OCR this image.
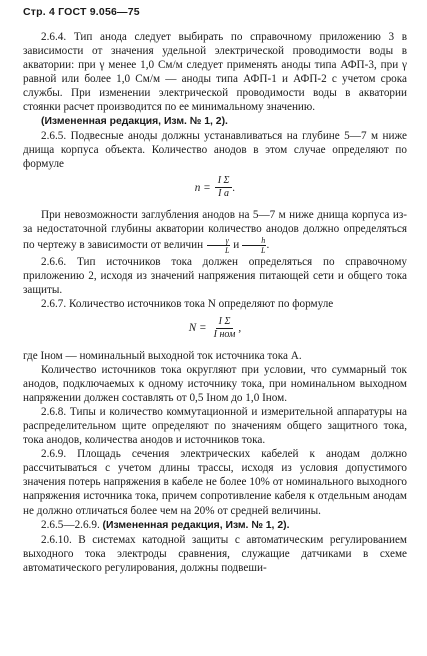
Стр. 4 ГОСТ 9.056—75

2.6.4. Тип анода следует выбирать по справочному приложению 3 в зависимости от значения удельной электрической проводимости воды в акватории: при γ менее 1,0 См/м следует применять аноды типа АФП-3, при γ равной или более 1,0 См/м — аноды типа АФП-1 и АФП-2 с учетом срока службы. При изменении электрической проводимости воды в акватории стоянки расчет производится по ее минимальному значению.

(Измененная редакция, Изм. № 1, 2).

2.6.5. Подвесные аноды должны устанавливаться на глубине 5—7 м ниже днища корпуса объекта. Количество анодов в этом случае определяют по формуле

$n = \frac{\text{I Σ}}{\text{I a}}$ .

При невозможности заглубления анодов на 5—7 м ниже днища корпуса из-за недостаточной глубины акватории количество анодов должно определяться по чертежу в зависимости от величин $\frac{\gamma}{L}$ и $\frac{h}{L}$ .

2.6.6. Тип источников тока должен определяться по справочному приложению 2, исходя из значений напряжения питающей сети и общего тока защиты.

2.6.7. Количество источников тока N определяют по формуле

$N = \frac{\text{I Σ}}{\text{I ном}}$ ,

где Iном — номинальный выходной ток источника тока А.

Количество источников тока округляют при условии, что суммарный ток анодов, подключаемых к одному источнику тока, при номинальном выходном напряжении должен составлять от 0,5 Iном до 1,0 Iном.

2.6.8. Типы и количество коммутационной и измерительной аппаратуры на распределительном щите определяют по значениям общего защитного тока, тока анодов, количества анодов и источников тока.

2.6.9. Площадь сечения электрических кабелей к анодам должно рассчитываться с учетом длины трассы, исходя из условия допустимого значения потерь напряжения в кабеле не более 10% от номинального выходного напряжения источника тока, причем сопротивление кабеля к отдельным анодам не должно отличаться более чем на 20% от средней величины.

2.6.5—2.6.9. (Измененная редакция, Изм. № 1, 2).

2.6.10. В системах катодной защиты с автоматическим регулированием выходного тока электроды сравнения, служащие датчиками в схеме автоматического регулирования, должны подвеши-
